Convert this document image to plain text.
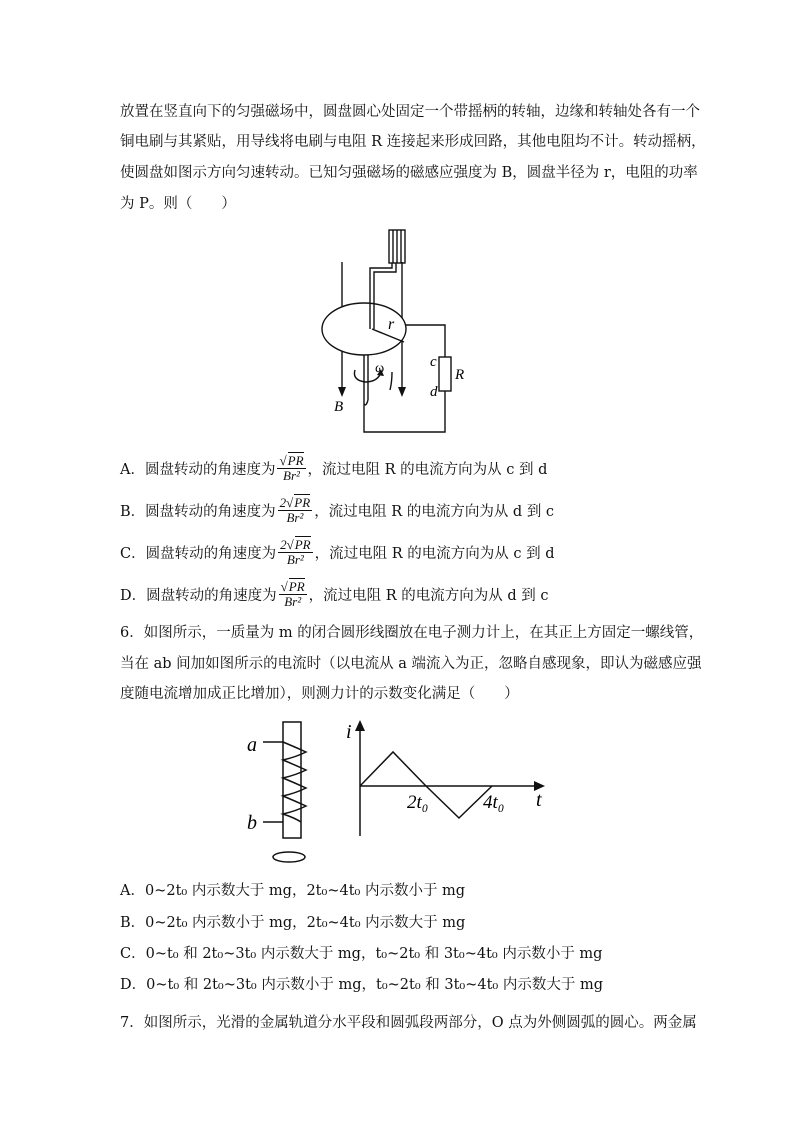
放置在竖直向下的匀强磁场中，圆盘圆心处固定一个带摇柄的转轴，边缘和转轴处各有一个
铜电刷与其紧贴，用导线将电刷与电阻 R 连接起来形成回路，其他电阻均不计。转动摇柄，
使圆盘如图示方向匀速转动。已知匀强磁场的磁感应强度为 B，圆盘半径为 r，电阻的功率
为 P。则（　　）
r
ω
B
c
d
R
A．圆盘转动的角速度为 $\frac{√PR}{\text{Br²}}$ ，流过电阻 R 的电流方向为从 c 到 d
B．圆盘转动的角速度为 $\frac{2√PR}{\text{Br²}}$ ，流过电阻 R 的电流方向为从 d 到 c
C．圆盘转动的角速度为 $\frac{2√PR}{\text{Br²}}$ ，流过电阻 R 的电流方向为从 c 到 d
D．圆盘转动的角速度为 $\frac{√PR}{\text{Br²}}$ ，流过电阻 R 的电流方向为从 d 到 c
6．如图所示，一质量为 m 的闭合圆形线圈放在电子测力计上，在其正上方固定一螺线管，
当在 ab 间加如图所示的电流时（以电流从 a 端流入为正，忽略自感现象，即认为磁感应强
度随电流增加成正比增加），则测力计的示数变化满足（　　）
a
b
i
t
2t₀	4t₀
A．0~2t₀ 内示数大于 mg，2t₀~4t₀ 内示数小于 mg
B．0~2t₀ 内示数小于 mg，2t₀~4t₀ 内示数大于 mg
C．0~t₀ 和 2t₀~3t₀ 内示数大于 mg，t₀~2t₀ 和 3t₀~4t₀ 内示数小于 mg
D．0~t₀ 和 2t₀~3t₀ 内示数小于 mg，t₀~2t₀ 和 3t₀~4t₀ 内示数大于 mg
7．如图所示，光滑的金属轨道分水平段和圆弧段两部分，O 点为外侧圆弧的圆心。两金属
